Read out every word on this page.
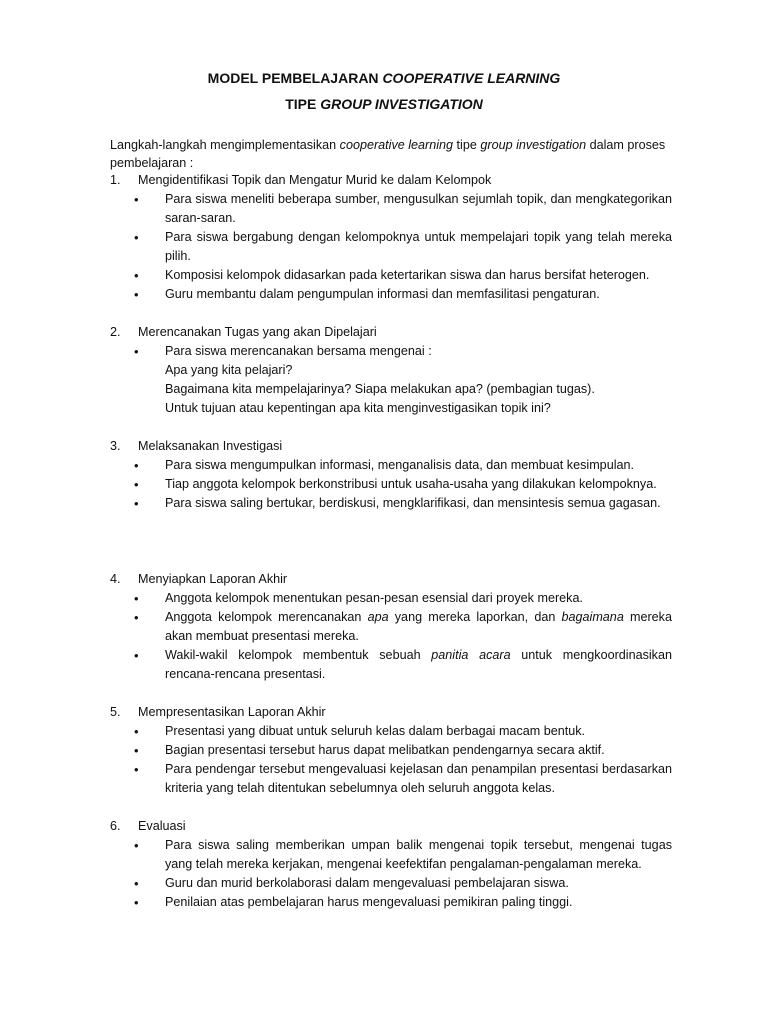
MODEL PEMBELAJARAN COOPERATIVE LEARNING
TIPE GROUP INVESTIGATION
Langkah-langkah mengimplementasikan cooperative learning tipe group investigation dalam proses pembelajaran :
1. Mengidentifikasi Topik dan Mengatur Murid ke dalam Kelompok
• Para siswa meneliti beberapa sumber, mengusulkan sejumlah topik, dan mengkategorikan saran-saran.
• Para siswa bergabung dengan kelompoknya untuk mempelajari topik yang telah mereka pilih.
• Komposisi kelompok didasarkan pada ketertarikan siswa dan harus bersifat heterogen.
• Guru membantu dalam pengumpulan informasi dan memfasilitasi pengaturan.
2. Merencanakan Tugas yang akan Dipelajari
• Para siswa merencanakan bersama mengenai :
Apa yang kita pelajari?
Bagaimana kita mempelajarinya? Siapa melakukan apa? (pembagian tugas).
Untuk tujuan atau kepentingan apa kita menginvestigasikan topik ini?
3. Melaksanakan Investigasi
• Para siswa mengumpulkan informasi, menganalisis data, dan membuat kesimpulan.
• Tiap anggota kelompok berkonstribusi untuk usaha-usaha yang dilakukan kelompoknya.
• Para siswa saling bertukar, berdiskusi, mengklarifikasi, dan mensintesis semua gagasan.
4. Menyiapkan Laporan Akhir
• Anggota kelompok menentukan pesan-pesan esensial dari proyek mereka.
• Anggota kelompok merencanakan apa yang mereka laporkan, dan bagaimana mereka akan membuat presentasi mereka.
• Wakil-wakil kelompok membentuk sebuah panitia acara untuk mengkoordinasikan rencana-rencana presentasi.
5. Mempresentasikan Laporan Akhir
• Presentasi yang dibuat untuk seluruh kelas dalam berbagai macam bentuk.
• Bagian presentasi tersebut harus dapat melibatkan pendengarnya secara aktif.
• Para pendengar tersebut mengevaluasi kejelasan dan penampilan presentasi berdasarkan kriteria yang telah ditentukan sebelumnya oleh seluruh anggota kelas.
6. Evaluasi
• Para siswa saling memberikan umpan balik mengenai topik tersebut, mengenai tugas yang telah mereka kerjakan, mengenai keefektifan pengalaman-pengalaman mereka.
• Guru dan murid berkolaborasi dalam mengevaluasi pembelajaran siswa.
• Penilaian atas pembelajaran harus mengevaluasi pemikiran paling tinggi.
